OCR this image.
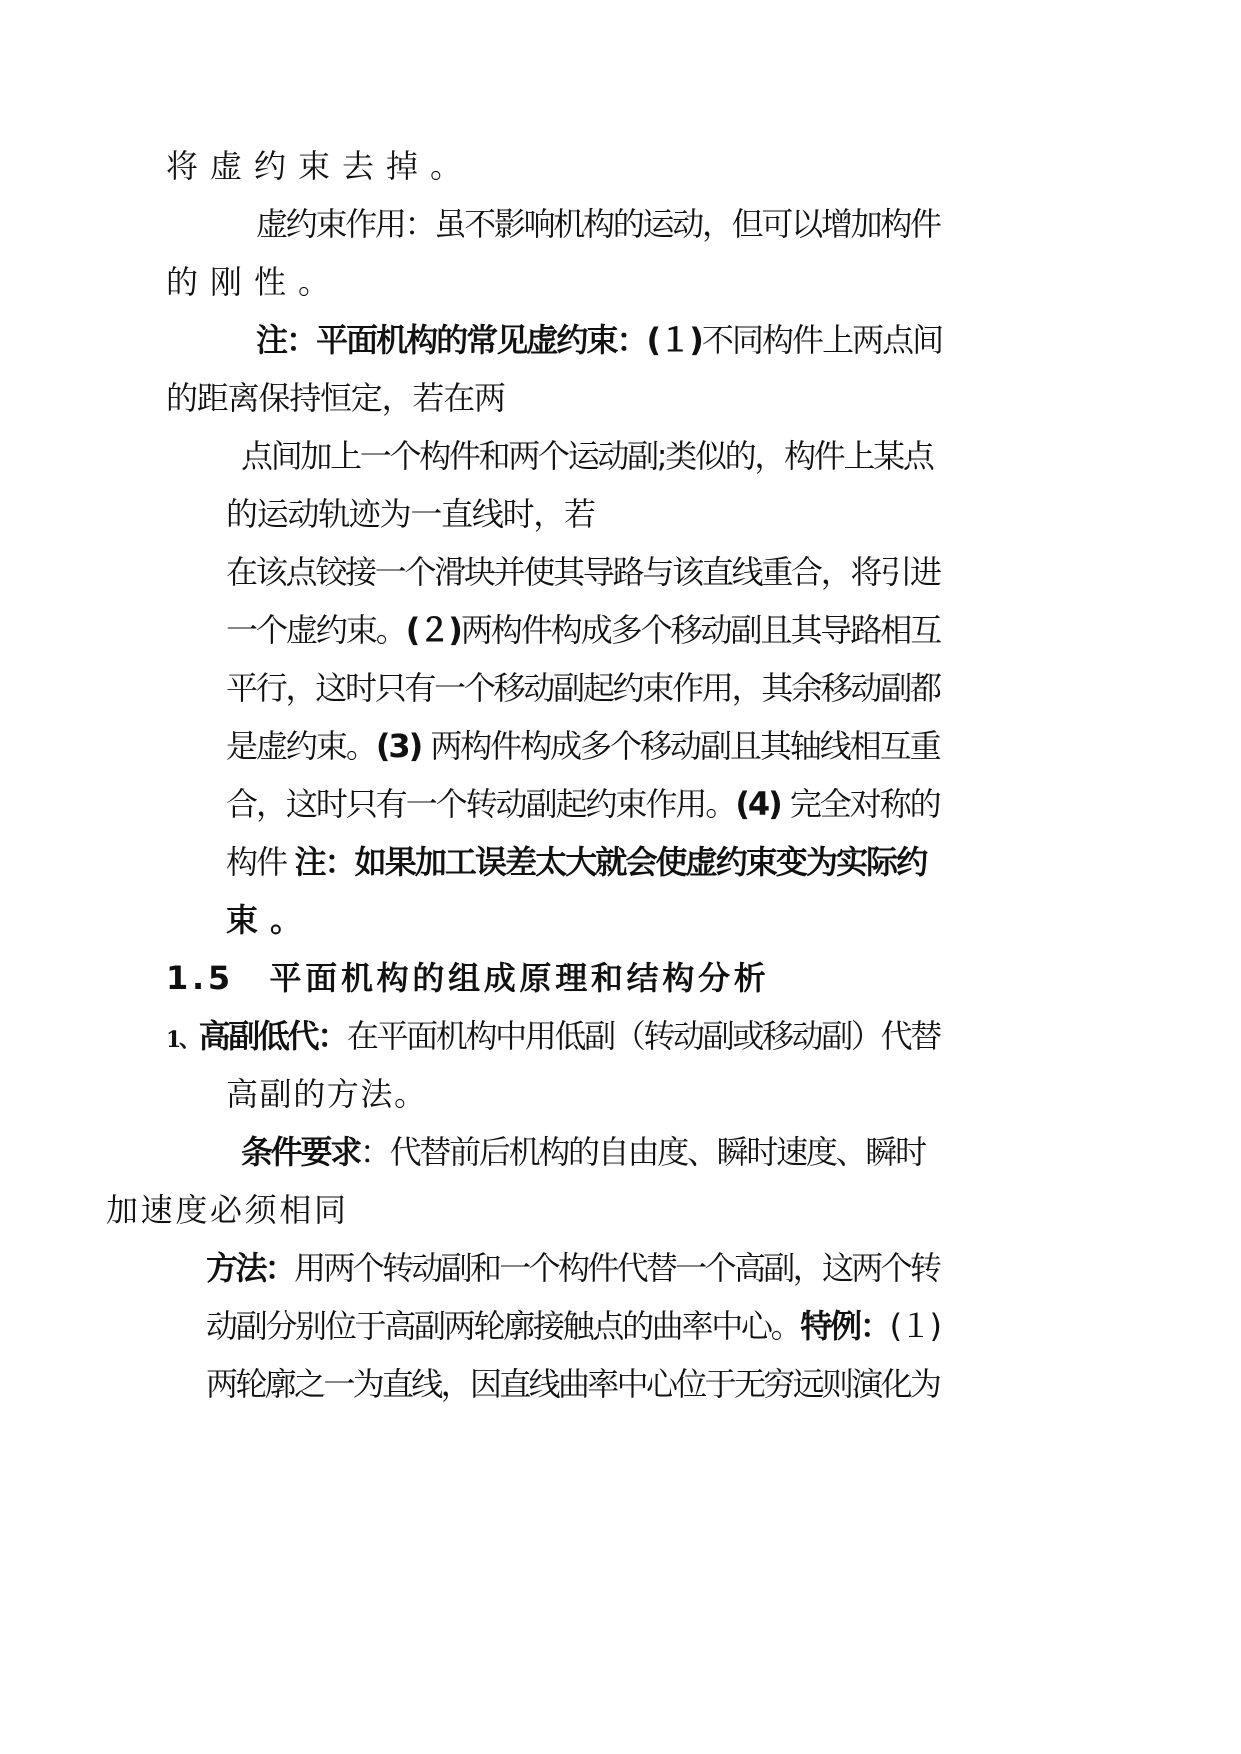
将虚约束去掉。

虚约束作用：虽不影响机构的运动，但可以增加构件

的刚性。

注：平面机构的常见虚约束：(１)不同构件上两点间

的距离保持恒定，若在两

点间加上一个构件和两个运动副;类似的，构件上某点

的运动轨迹为一直线时，若

在该点铰接一个滑块并使其导路与该直线重合，将引进

一个虚约束。(２)两构件构成多个移动副且其导路相互

平行，这时只有一个移动副起约束作用，其余移动副都

是虚约束。(3) 两构件构成多个移动副且其轴线相互重

合，这时只有一个转动副起约束作用。(4) 完全对称的

构件 注：如果加工误差太大就会使虚约束变为实际约

束。

1.5　平面机构的组成原理和结构分析

1、高副低代：在平面机构中用低副（转动副或移动副）代替

高副的方法。

条件要求：代替前后机构的自由度、瞬时速度、瞬时

加速度必须相同

方法：用两个转动副和一个构件代替一个高副，这两个转

动副分别位于高副两轮廓接触点的曲率中心。特例：(１)

两轮廓之一为直线，因直线曲率中心位于无穷远则演化为
